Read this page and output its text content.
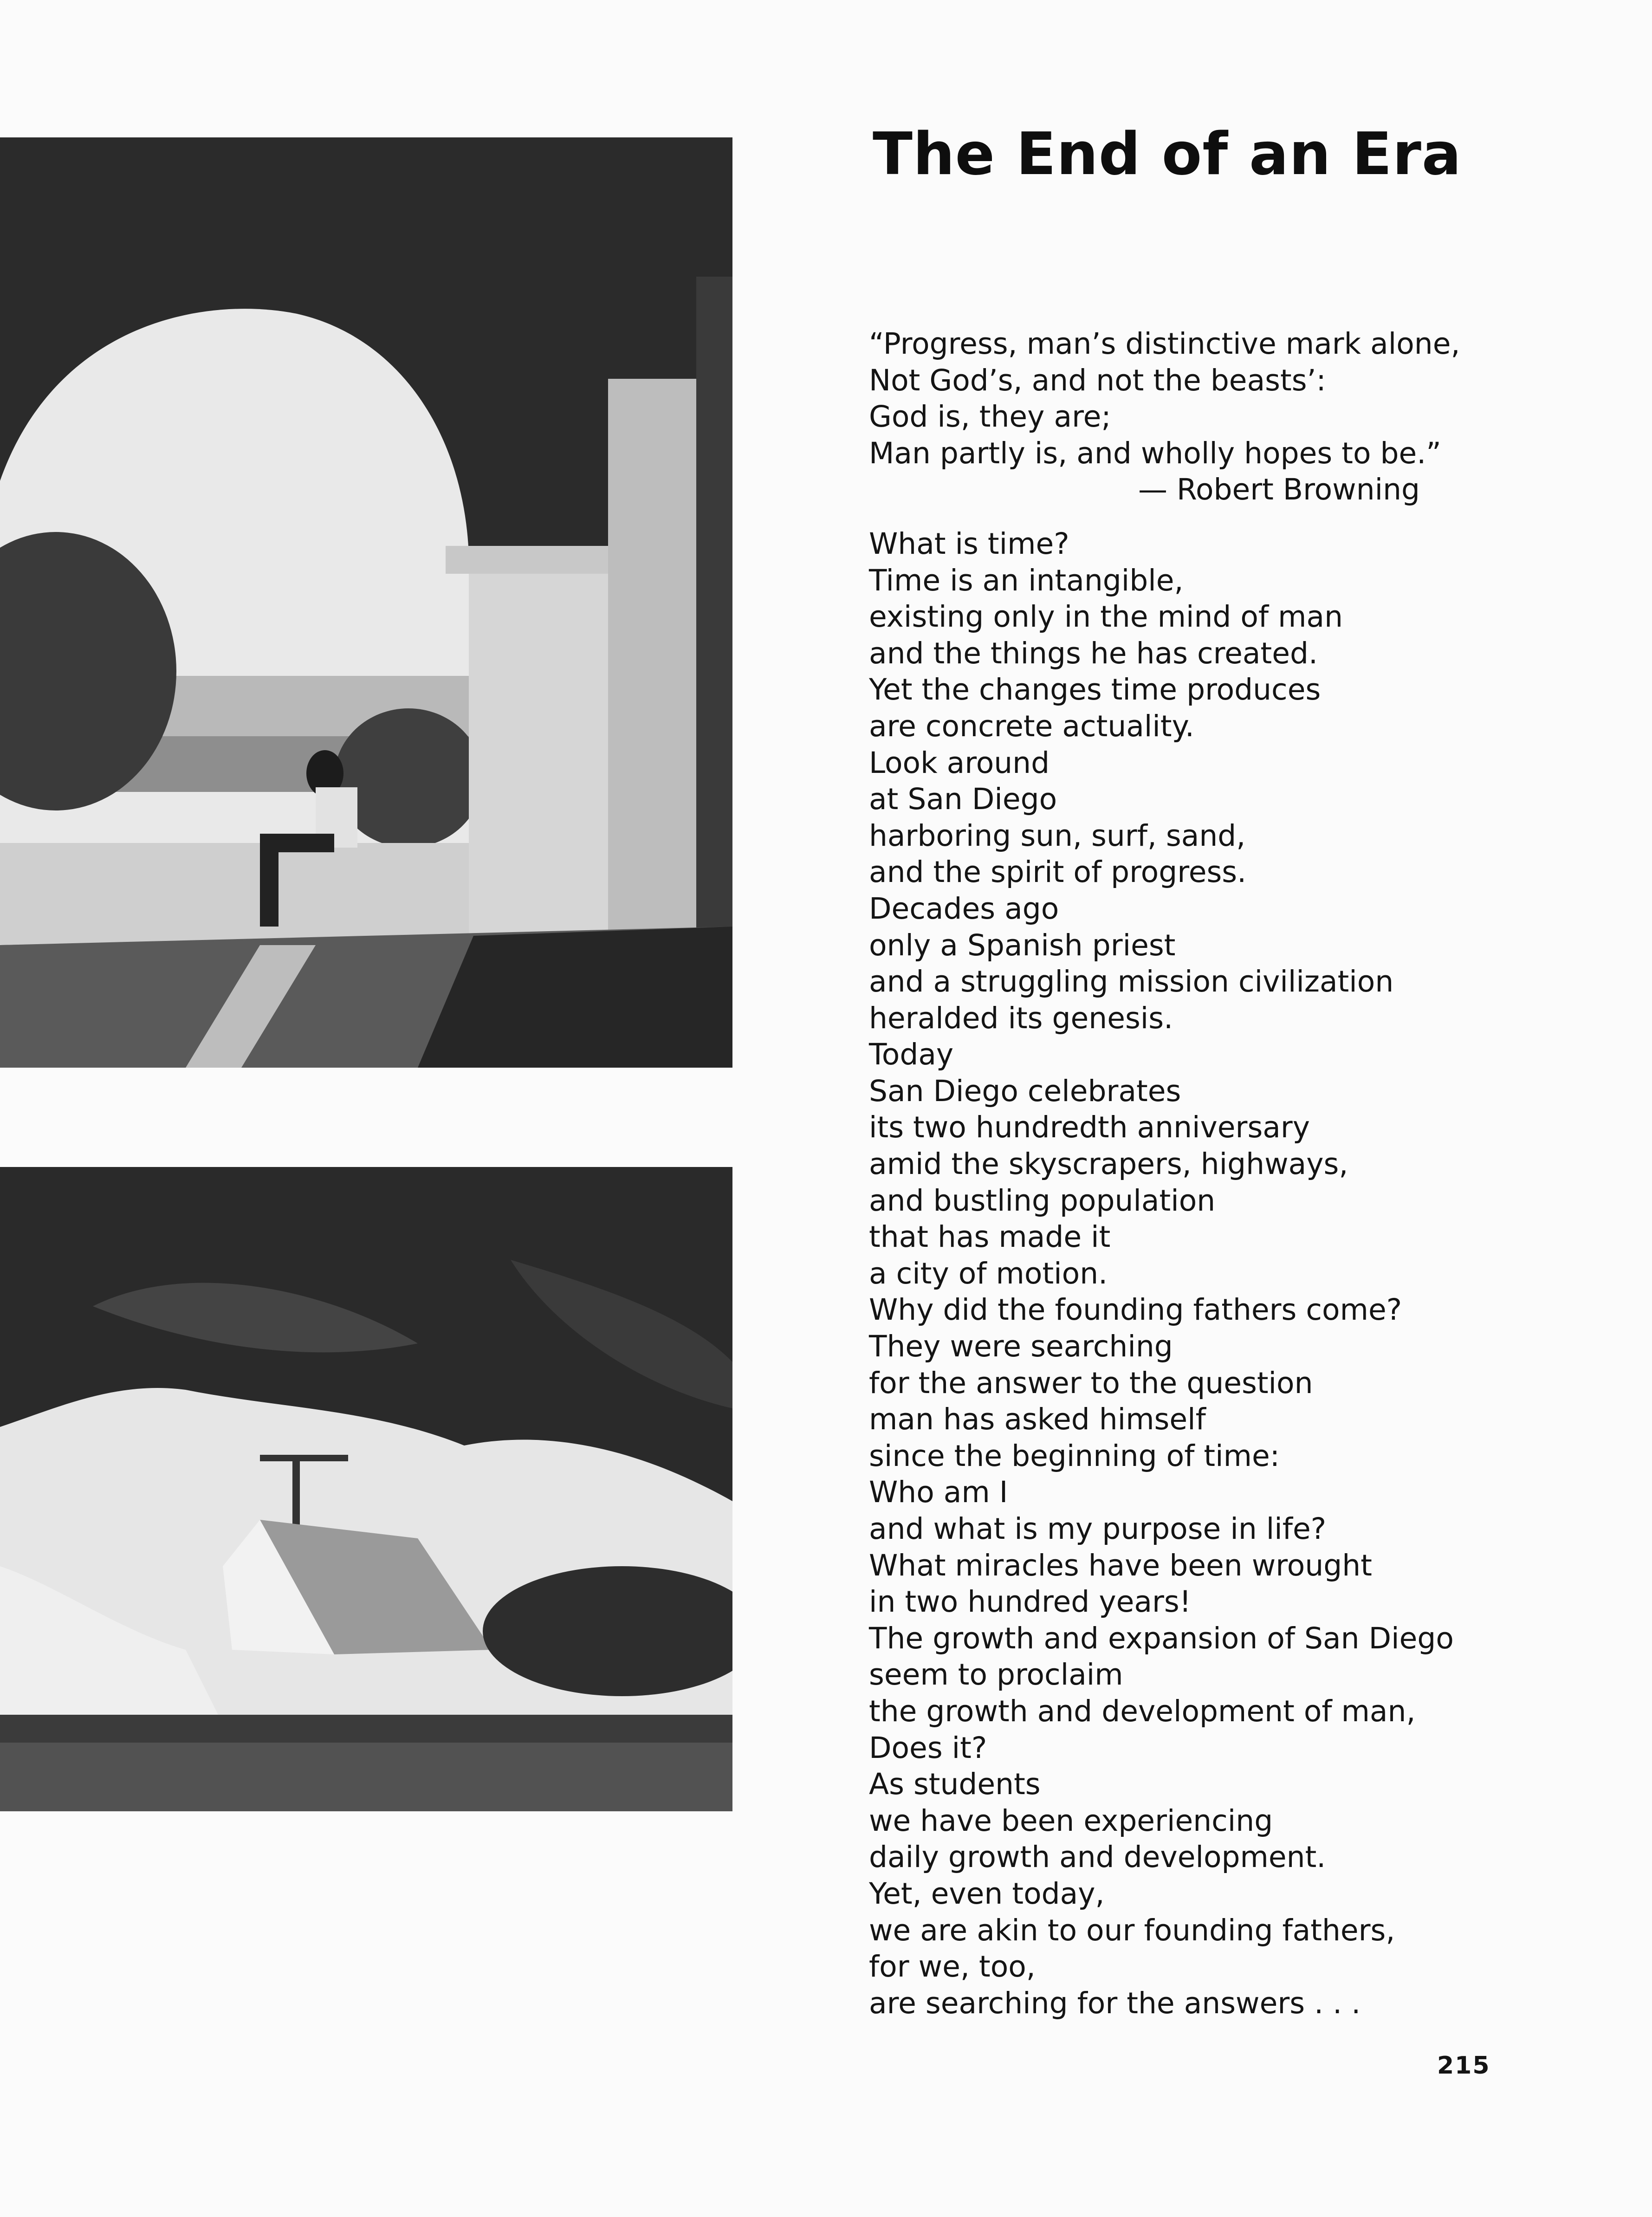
The End of an Era
“Progress, man’s distinctive mark alone,
Not God’s, and not the beasts’:
God is, they are;
Man partly is, and wholly hopes to be.”
— Robert Browning
What is time?
Time is an intangible,
existing only in the mind of man
and the things he has created.
Yet the changes time produces
are concrete actuality.
Look around
at San Diego
harboring sun, surf, sand,
and the spirit of progress.
Decades ago
only a Spanish priest
and a struggling mission civilization
heralded its genesis.
Today
San Diego celebrates
its two hundredth anniversary
amid the skyscrapers, highways,
and bustling population
that has made it
a city of motion.
Why did the founding fathers come?
They were searching
for the answer to the question
man has asked himself
since the beginning of time:
Who am I
and what is my purpose in life?
What miracles have been wrought
in two hundred years!
The growth and expansion of San Diego
seem to proclaim
the growth and development of man,
Does it?
As students
we have been experiencing
daily growth and development.
Yet, even today,
we are akin to our founding fathers,
for we, too,
are searching for the answers . . .
215
